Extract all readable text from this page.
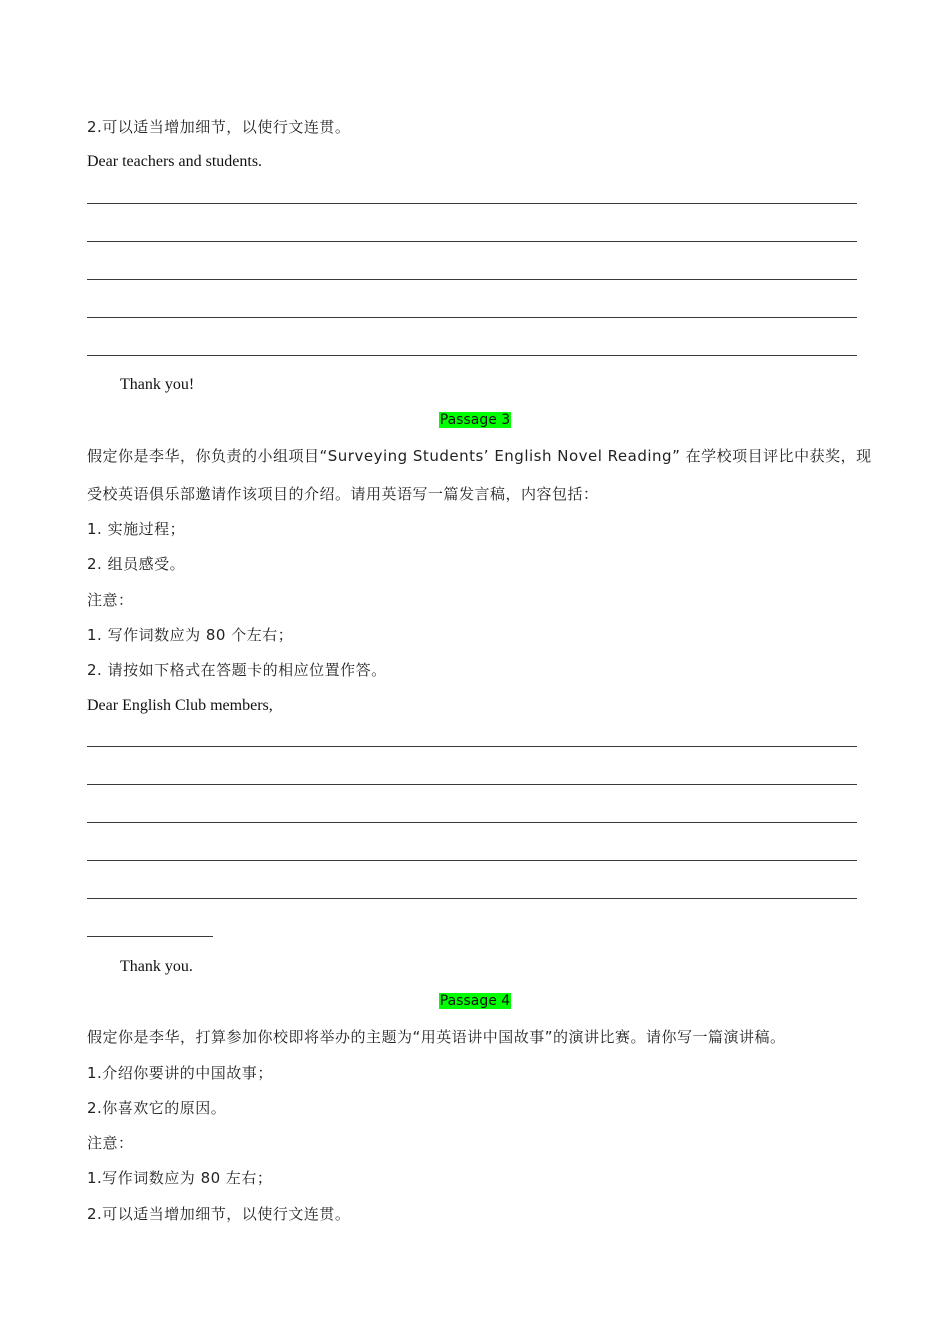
2.可以适当增加细节，以使行文连贯。
Dear teachers and students.
Thank you!
Passage 3
假定你是李华，你负责的小组项目“Surveying Students’ English Novel Reading” 在学校项目评比中获奖，现
受校英语俱乐部邀请作该项目的介绍。请用英语写一篇发言稿，内容包括：
1. 实施过程；
2. 组员感受。
注意：
1. 写作词数应为 80 个左右；
2. 请按如下格式在答题卡的相应位置作答。
Dear English Club members,
Thank you.
Passage 4
假定你是李华，打算参加你校即将举办的主题为“用英语讲中国故事”的演讲比赛。请你写一篇演讲稿。
1.介绍你要讲的中国故事；
2.你喜欢它的原因。
注意：
1.写作词数应为 80 左右；
2.可以适当增加细节，以使行文连贯。
